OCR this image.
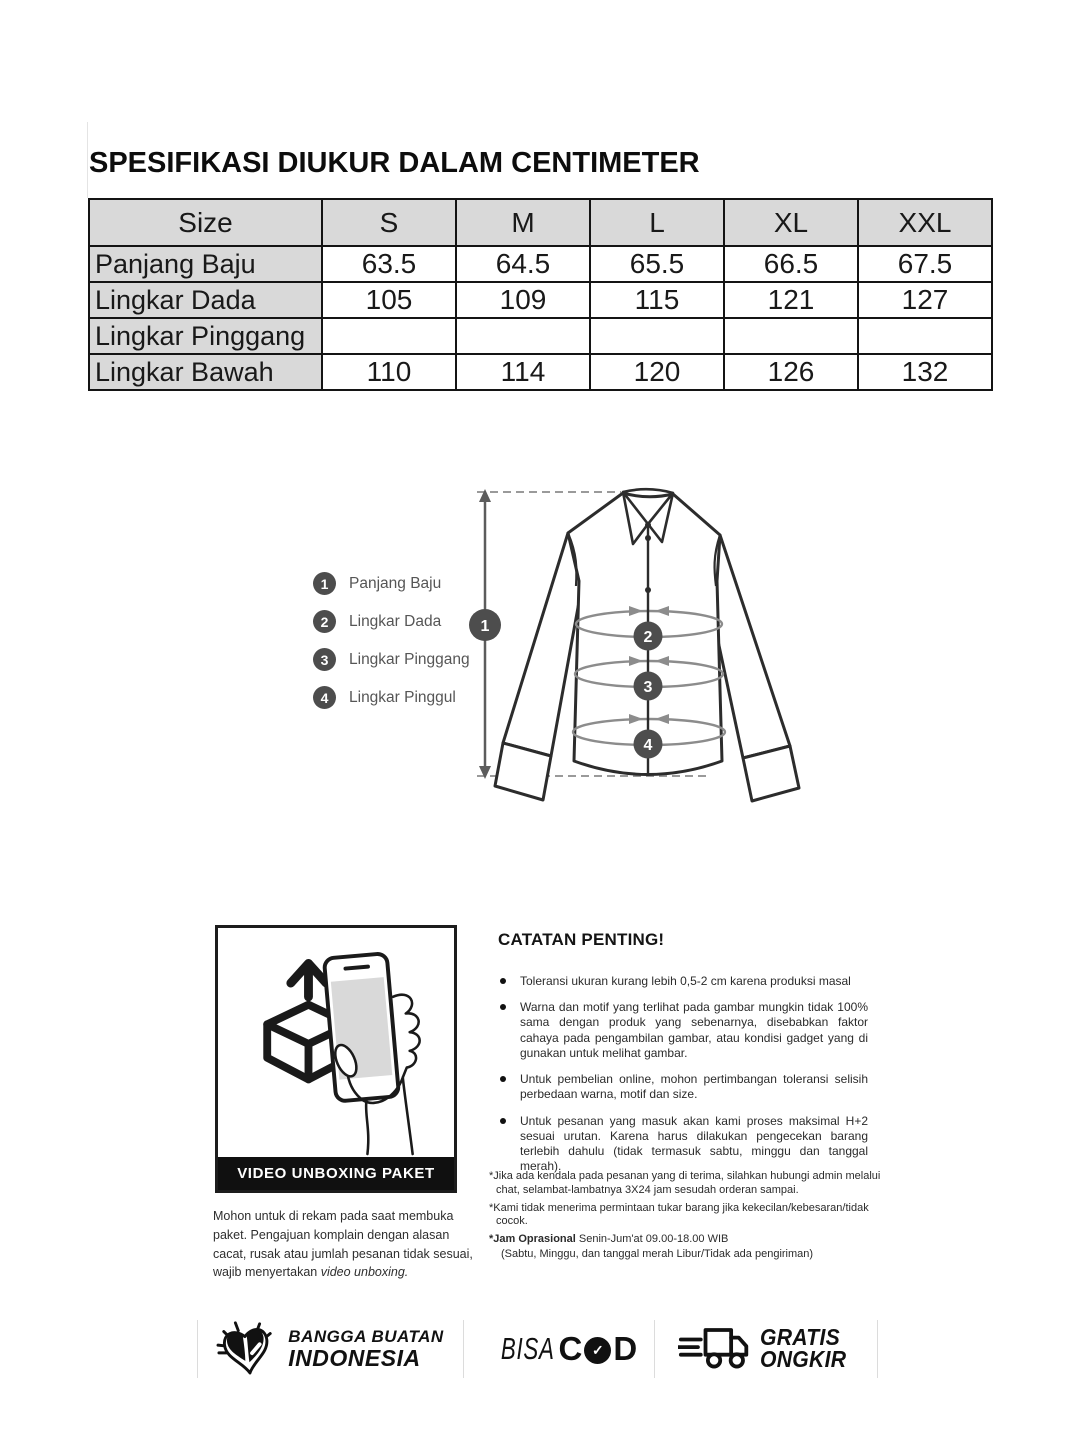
SPESIFIKASI DIUKUR DALAM CENTIMETER
Size	S	M	L	XL	XXL
Panjang Baju	63.5	64.5	65.5	66.5	67.5
Lingkar Dada	105	109	115	121	127
Lingkar Pinggang					
Lingkar Bawah	110	114	120	126	132
1	Panjang Baju
2	Lingkar Dada
3	Lingkar Pinggang
4	Lingkar Pinggul
1
2
3
4
VIDEO UNBOXING PAKET
Mohon untuk di rekam pada saat membuka paket. Pengajuan komplain dengan alasan cacat, rusak atau jumlah pesanan tidak sesuai, wajib menyertakan video unboxing.
CATATAN PENTING!
Toleransi ukuran kurang lebih 0,5-2 cm karena produksi masal
Warna dan motif yang terlihat pada gambar mungkin tidak 100% sama dengan produk yang sebenarnya, disebabkan faktor cahaya pada pengambilan gambar, atau kondisi gadget yang di gunakan untuk melihat gambar.
Untuk pembelian online, mohon pertimbangan toleransi selisih perbedaan warna, motif dan size.
Untuk pesanan yang masuk akan kami proses maksimal H+2 sesuai urutan. Karena harus dilakukan pengecekan barang terlebih dahulu (tidak termasuk sabtu, minggu dan tanggal merah).
*Jika ada kendala pada pesanan yang di terima, silahkan hubungi admin melalui chat, selambat-lambatnya 3X24 jam sesudah orderan sampai.
*Kami tidak menerima permintaan tukar barang jika kekecilan/kebesaran/tidak cocok.
*Jam Oprasional Senin-Jum'at 09.00-18.00 WIB
(Sabtu, Minggu, dan tanggal merah Libur/Tidak ada pengiriman)
BANGGA BUATAN
INDONESIA	BISA C ✓ D	GRATIS
ONGKIR
